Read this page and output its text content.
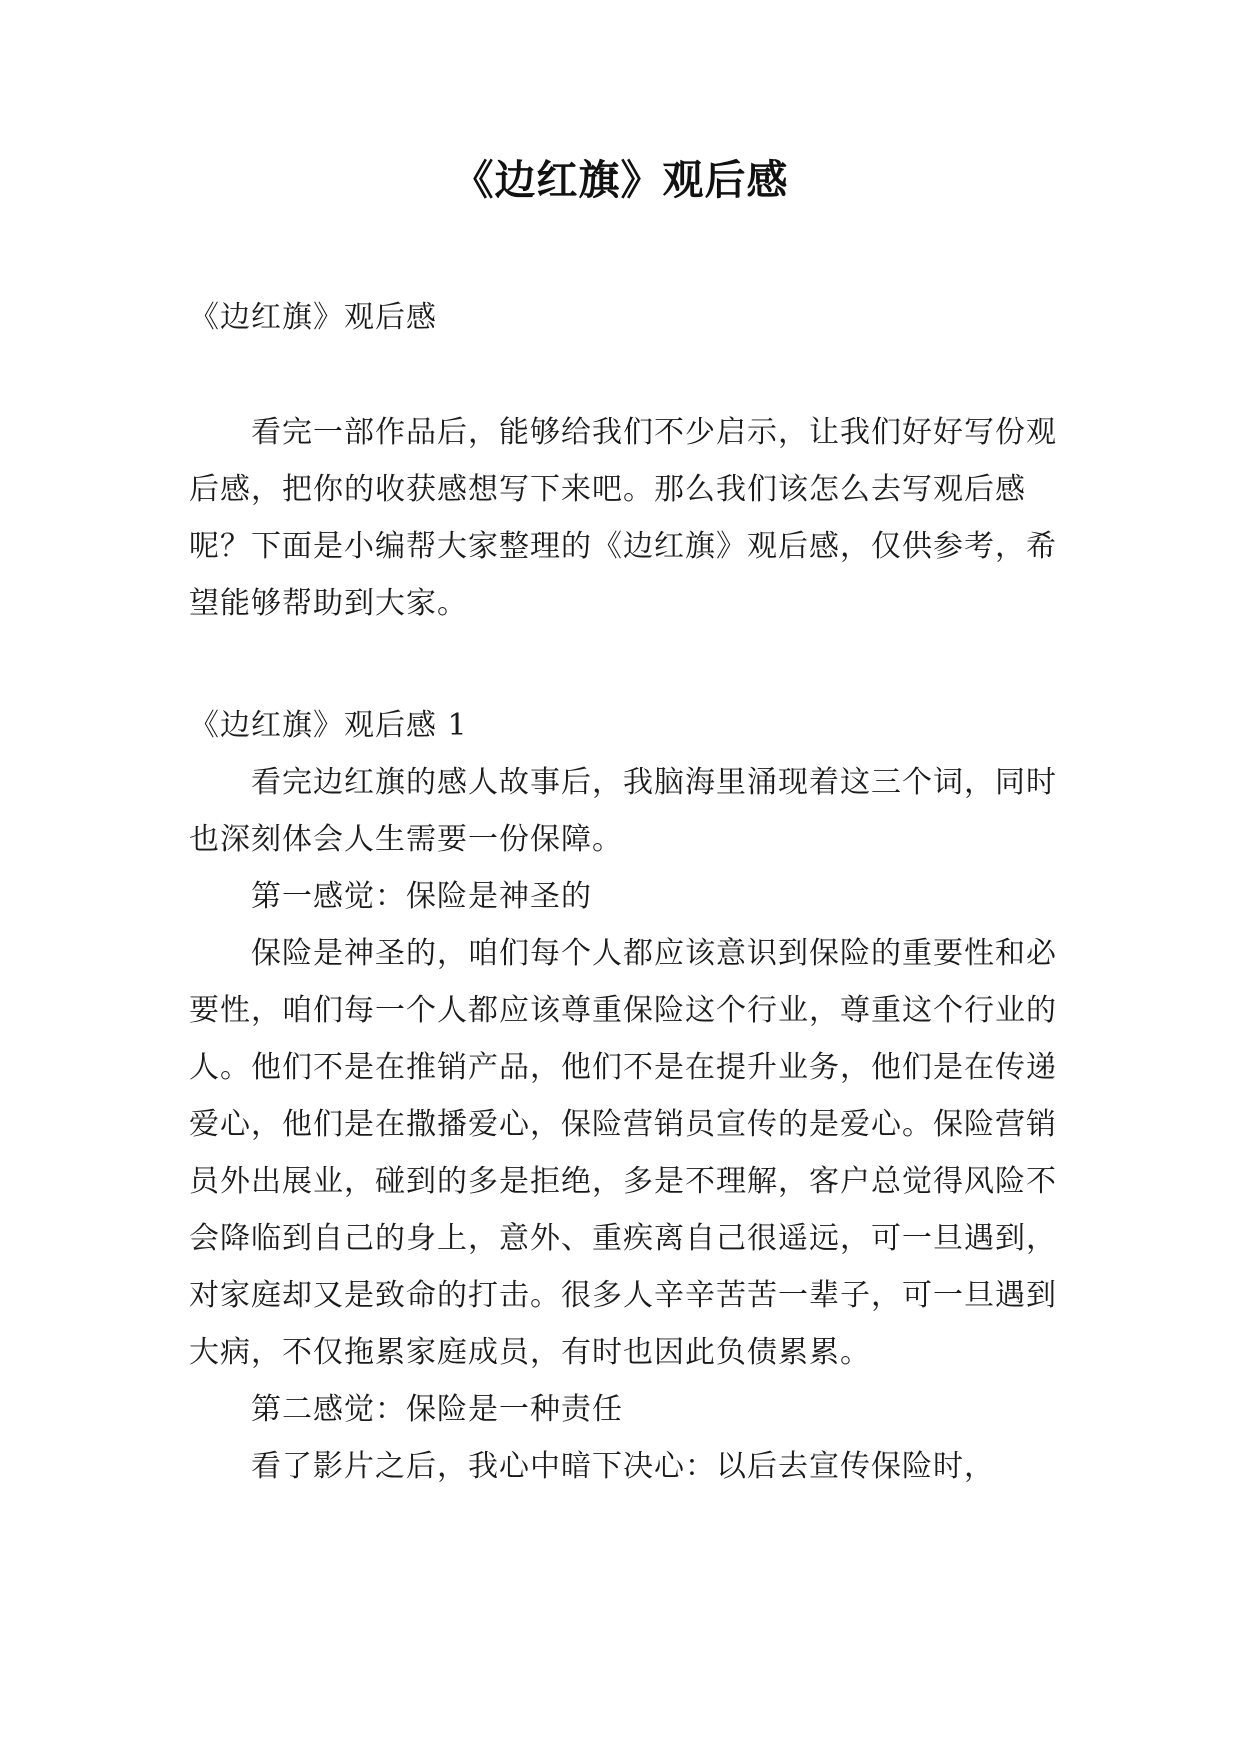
《边红旗》观后感
《边红旗》观后感
看完一部作品后，能够给我们不少启示，让我们好好写份观后感，把你的收获感想写下来吧。那么我们该怎么去写观后感呢？下面是小编帮大家整理的《边红旗》观后感，仅供参考，希望能够帮助到大家。

《边红旗》观后感 1

看完边红旗的感人故事后，我脑海里涌现着这三个词，同时也深刻体会人生需要一份保障。

第一感觉：保险是神圣的

保险是神圣的，咱们每个人都应该意识到保险的重要性和必要性，咱们每一个人都应该尊重保险这个行业，尊重这个行业的人。他们不是在推销产品，他们不是在提升业务，他们是在传递爱心，他们是在撒播爱心，保险营销员宣传的是爱心。保险营销员外出展业，碰到的多是拒绝，多是不理解，客户总觉得风险不会降临到自己的身上，意外、重疾离自己很遥远，可一旦遇到，对家庭却又是致命的打击。很多人辛辛苦苦一辈子，可一旦遇到大病，不仅拖累家庭成员，有时也因此负债累累。

第二感觉：保险是一种责任

看了影片之后，我心中暗下决心：以后去宣传保险时，
